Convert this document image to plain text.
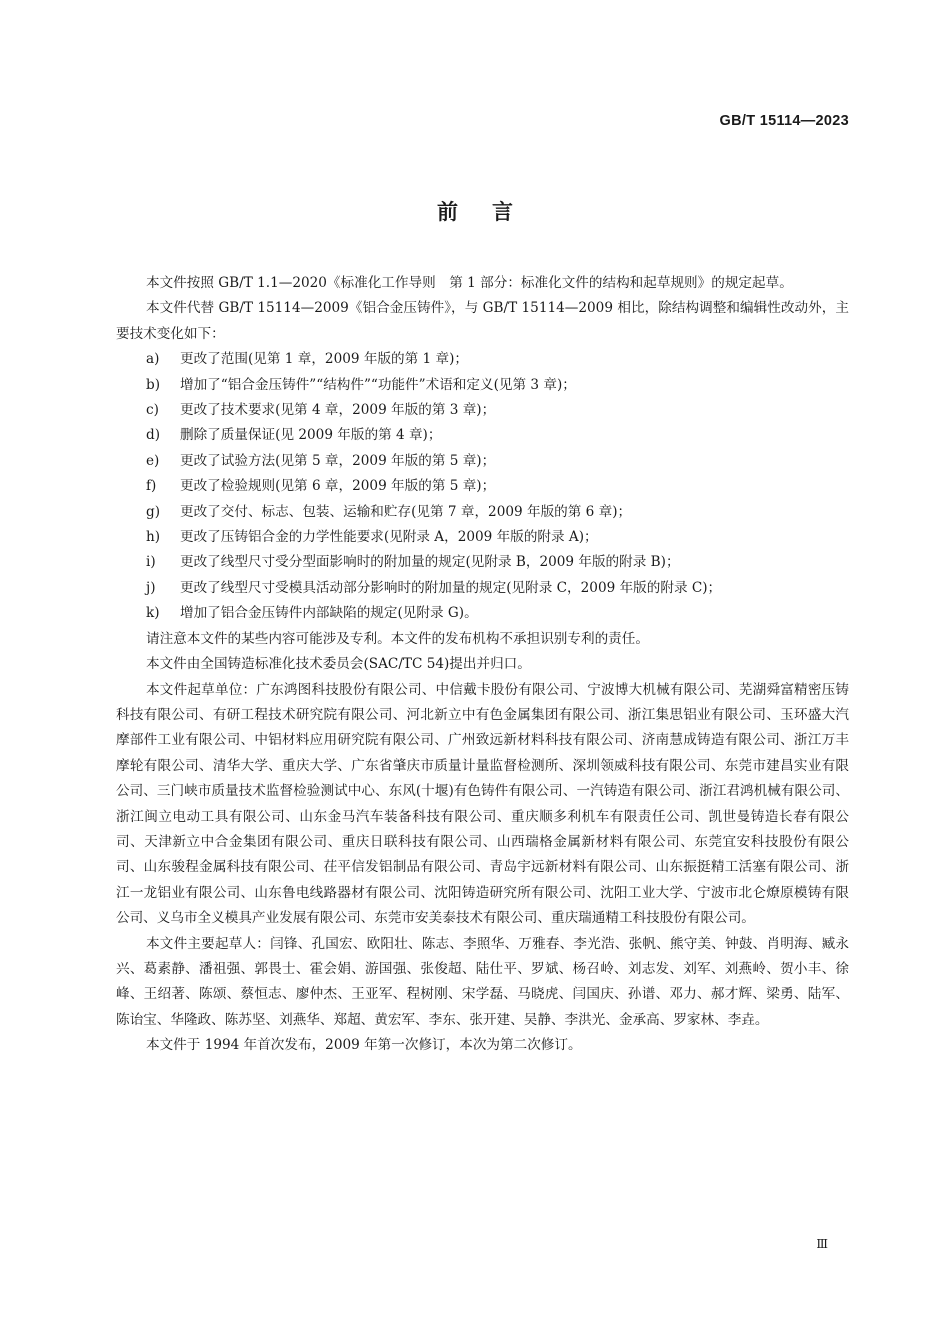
GB/T 15114—2023
前言

本文件按照 GB/T 1.1—2020《标准化工作导则　第 1 部分：标准化文件的结构和起草规则》的规定起草。

本文件代替 GB/T 15114—2009《铝合金压铸件》，与 GB/T 15114—2009 相比，除结构调整和编辑性改动外，主要技术变化如下：

a) 更改了范围(见第 1 章，2009 年版的第 1 章)；

b) 增加了“铝合金压铸件”“结构件”“功能件”术语和定义(见第 3 章)；

c) 更改了技术要求(见第 4 章，2009 年版的第 3 章)；

d) 删除了质量保证(见 2009 年版的第 4 章)；

e) 更改了试验方法(见第 5 章，2009 年版的第 5 章)；

f) 更改了检验规则(见第 6 章，2009 年版的第 5 章)；

g) 更改了交付、标志、包装、运输和贮存(见第 7 章，2009 年版的第 6 章)；

h) 更改了压铸铝合金的力学性能要求(见附录 A，2009 年版的附录 A)；

i) 更改了线型尺寸受分型面影响时的附加量的规定(见附录 B，2009 年版的附录 B)；

j) 更改了线型尺寸受模具活动部分影响时的附加量的规定(见附录 C，2009 年版的附录 C)；

k) 增加了铝合金压铸件内部缺陷的规定(见附录 G)。

请注意本文件的某些内容可能涉及专利。本文件的发布机构不承担识别专利的责任。

本文件由全国铸造标准化技术委员会(SAC/TC 54)提出并归口。

本文件起草单位：广东鸿图科技股份有限公司、中信戴卡股份有限公司、宁波博大机械有限公司、芜湖舜富精密压铸科技有限公司、有研工程技术研究院有限公司、河北新立中有色金属集团有限公司、浙江集思铝业有限公司、玉环盛大汽摩部件工业有限公司、中铝材料应用研究院有限公司、广州致远新材料科技有限公司、济南慧成铸造有限公司、浙江万丰摩轮有限公司、清华大学、重庆大学、广东省肇庆市质量计量监督检测所、深圳领威科技有限公司、东莞市建昌实业有限公司、三门峡市质量技术监督检验测试中心、东风(十堰)有色铸件有限公司、一汽铸造有限公司、浙江君鸿机械有限公司、浙江闽立电动工具有限公司、山东金马汽车装备科技有限公司、重庆顺多利机车有限责任公司、凯世曼铸造长春有限公司、天津新立中合金集团有限公司、重庆日联科技有限公司、山西瑞格金属新材料有限公司、东莞宜安科技股份有限公司、山东骏程金属科技有限公司、茌平信发铝制品有限公司、青岛宇远新材料有限公司、山东振挺精工活塞有限公司、浙江一龙铝业有限公司、山东鲁电线路器材有限公司、沈阳铸造研究所有限公司、沈阳工业大学、宁波市北仑燎原模铸有限公司、义乌市全义模具产业发展有限公司、东莞市安美泰技术有限公司、重庆瑞通精工科技股份有限公司。

本文件主要起草人：闫锋、孔国宏、欧阳壮、陈志、李照华、万雅春、李光浩、张帆、熊守美、钟鼓、肖明海、臧永兴、葛素静、潘祖强、郭畏士、霍会娟、游国强、张俊超、陆仕平、罗斌、杨召岭、刘志发、刘军、刘燕岭、贺小丰、徐峰、王绍著、陈颂、蔡恒志、廖仲杰、王亚军、程树刚、宋学磊、马晓虎、闫国庆、孙谱、邓力、郝才辉、梁勇、陆军、陈诒宝、华隆政、陈苏坚、刘燕华、郑超、黄宏军、李东、张开建、吴静、李洪光、金承高、罗家林、李垚。

本文件于 1994 年首次发布，2009 年第一次修订，本次为第二次修订。

Ⅲ
